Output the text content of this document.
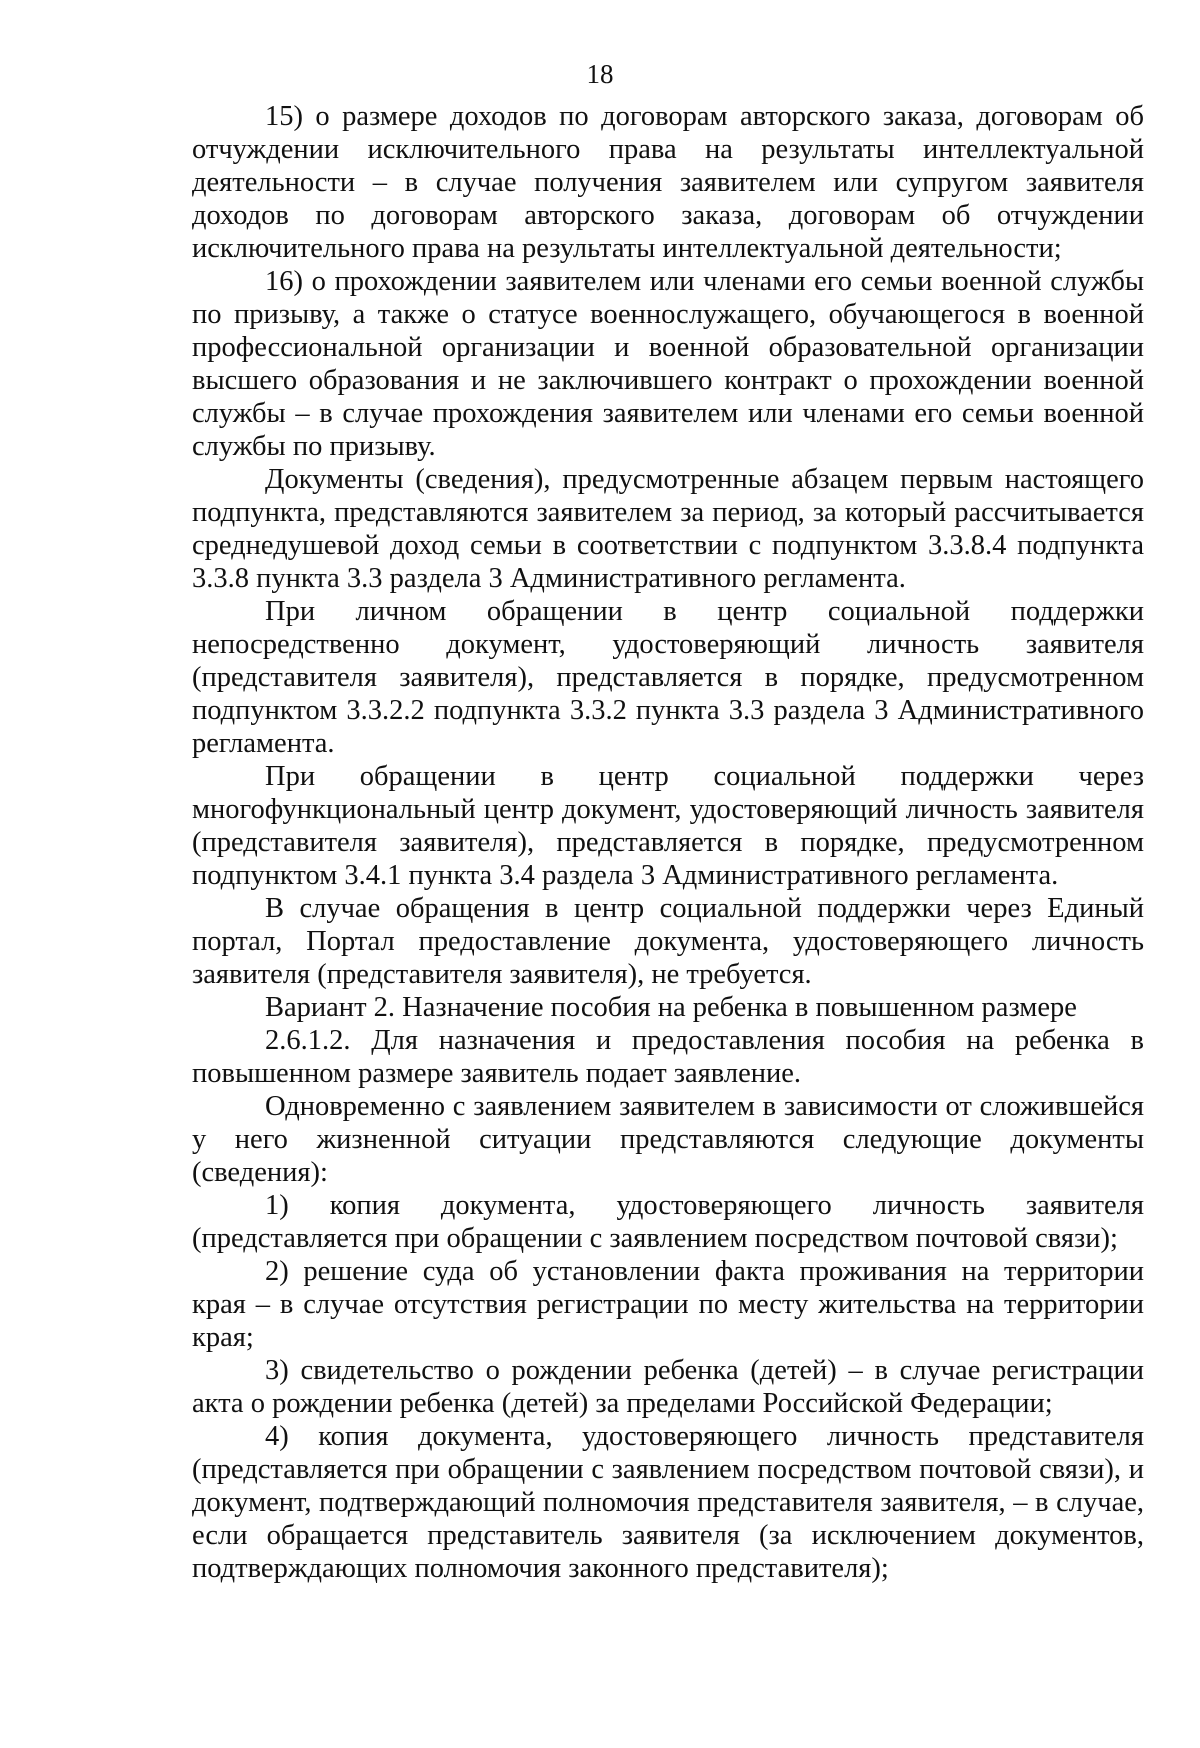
18

15) о размере доходов по договорам авторского заказа, договорам об отчуждении исключительного права на результаты интеллектуальной деятельности – в случае получения заявителем или супругом заявителя доходов по договорам авторского заказа, договорам об отчуждении исключительного права на результаты интеллектуальной деятельности;

16) о прохождении заявителем или членами его семьи военной службы по призыву, а также о статусе военнослужащего, обучающегося в военной профессиональной организации и военной образовательной организации высшего образования и не заключившего контракт о прохождении военной службы – в случае прохождения заявителем или членами его семьи военной службы по призыву.

Документы (сведения), предусмотренные абзацем первым настоящего подпункта, представляются заявителем за период, за который рассчитывается среднедушевой доход семьи в соответствии с подпунктом 3.3.8.4 подпункта 3.3.8 пункта 3.3 раздела 3 Административного регламента.

При личном обращении в центр социальной поддержки непосредственно документ, удостоверяющий личность заявителя (представителя заявителя), представляется в порядке, предусмотренном подпунктом 3.3.2.2 подпункта 3.3.2 пункта 3.3 раздела 3 Административного регламента.

При обращении в центр социальной поддержки через многофункциональный центр документ, удостоверяющий личность заявителя (представителя заявителя), представляется в порядке, предусмотренном подпунктом 3.4.1 пункта 3.4 раздела 3 Административного регламента.

В случае обращения в центр социальной поддержки через Единый портал, Портал предоставление документа, удостоверяющего личность заявителя (представителя заявителя), не требуется.

Вариант 2. Назначение пособия на ребенка в повышенном размере

2.6.1.2. Для назначения и предоставления пособия на ребенка в повышенном размере заявитель подает заявление.

Одновременно с заявлением заявителем в зависимости от сложившейся у него жизненной ситуации представляются следующие документы (сведения):

1) копия документа, удостоверяющего личность заявителя (представляется при обращении с заявлением посредством почтовой связи);

2) решение суда об установлении факта проживания на территории края – в случае отсутствия регистрации по месту жительства на территории края;

3) свидетельство о рождении ребенка (детей) – в случае регистрации акта о рождении ребенка (детей) за пределами Российской Федерации;

4) копия документа, удостоверяющего личность представителя (представляется при обращении с заявлением посредством почтовой связи), и документ, подтверждающий полномочия представителя заявителя, – в случае, если обращается представитель заявителя (за исключением документов, подтверждающих полномочия законного представителя);
